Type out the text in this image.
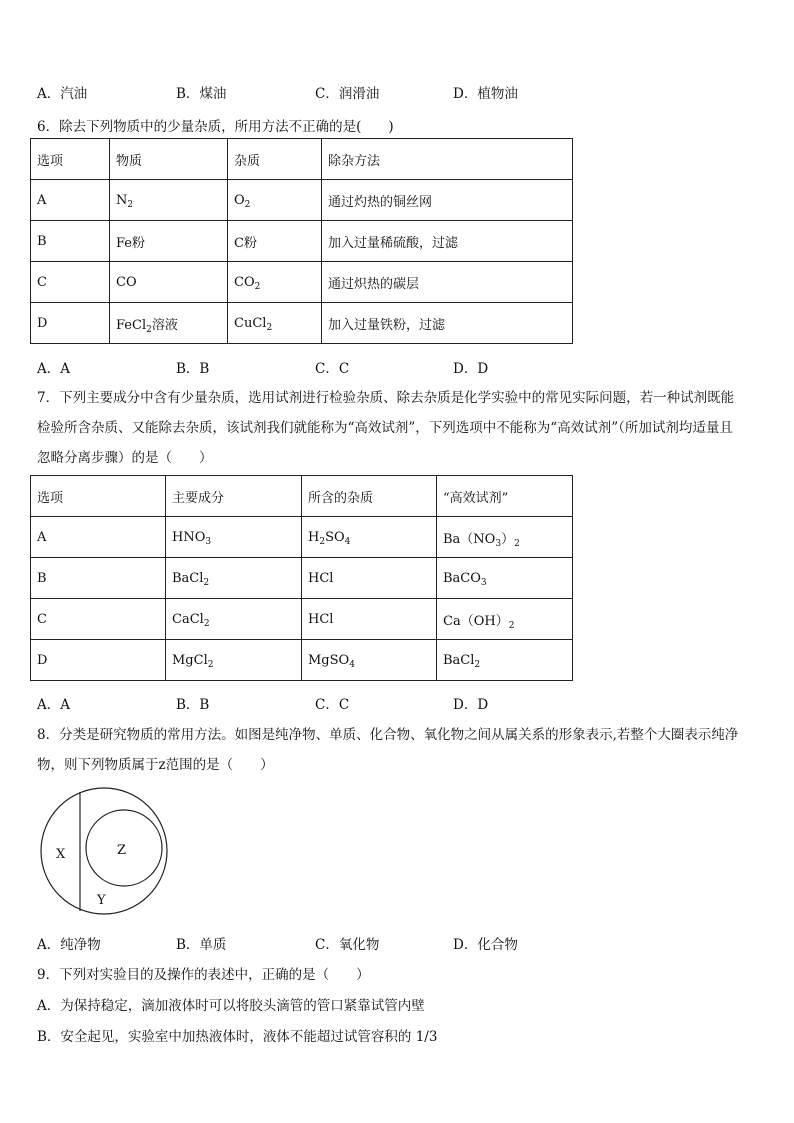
A．汽油	B．煤油	C．润滑油	D．植物油
6．除去下列物质中的少量杂质，所用方法不正确的是(　　)
选项	物质	杂质	除杂方法
A	$N_2$	$O_2$	通过灼热的铜丝网
B	Fe粉	C粉	加入过量稀硫酸，过滤
C	CO	$CO_2$	通过炽热的碳层
D	FeCl$_2$溶液	CuCl$_2$	加入过量铁粉，过滤
A．A	B．B	C．C	D．D
7．下列主要成分中含有少量杂质，选用试剂进行检验杂质、除去杂质是化学实验中的常见实际问题，若一种试剂既能
检验所含杂质、又能除去杂质，该试剂我们就能称为“高效试剂”，下列选项中不能称为“高效试剂”（所加试剂均适量且
忽略分离步骤）的是（　　）
选项	主要成分	所含的杂质	“高效试剂”
A	$HNO_3$	$H_2SO_4$	$Ba(NO_3)_2$
B	BaCl$_2$	HCl	BaCO$_3$
C	CaCl$_2$	HCl	$Ca(OH)_2$
D	MgCl$_2$	MgSO$_4$	BaCl$_2$
A．A	B．B	C．C	D．D
8．分类是研究物质的常用方法。如图是纯净物、单质、化合物、氧化物之间从属关系的形象表示,若整个大圈表示纯净
物，则下列物质属于z范围的是（　　）
X	Z
Y
A．纯净物	B．单质	C．氧化物	D．化合物
9．下列对实验目的及操作的表述中，正确的是（　　）
A．为保持稳定，滴加液体时可以将胶头滴管的管口紧靠试管内壁
B．安全起见，实验室中加热液体时，液体不能超过试管容积的 1/3
